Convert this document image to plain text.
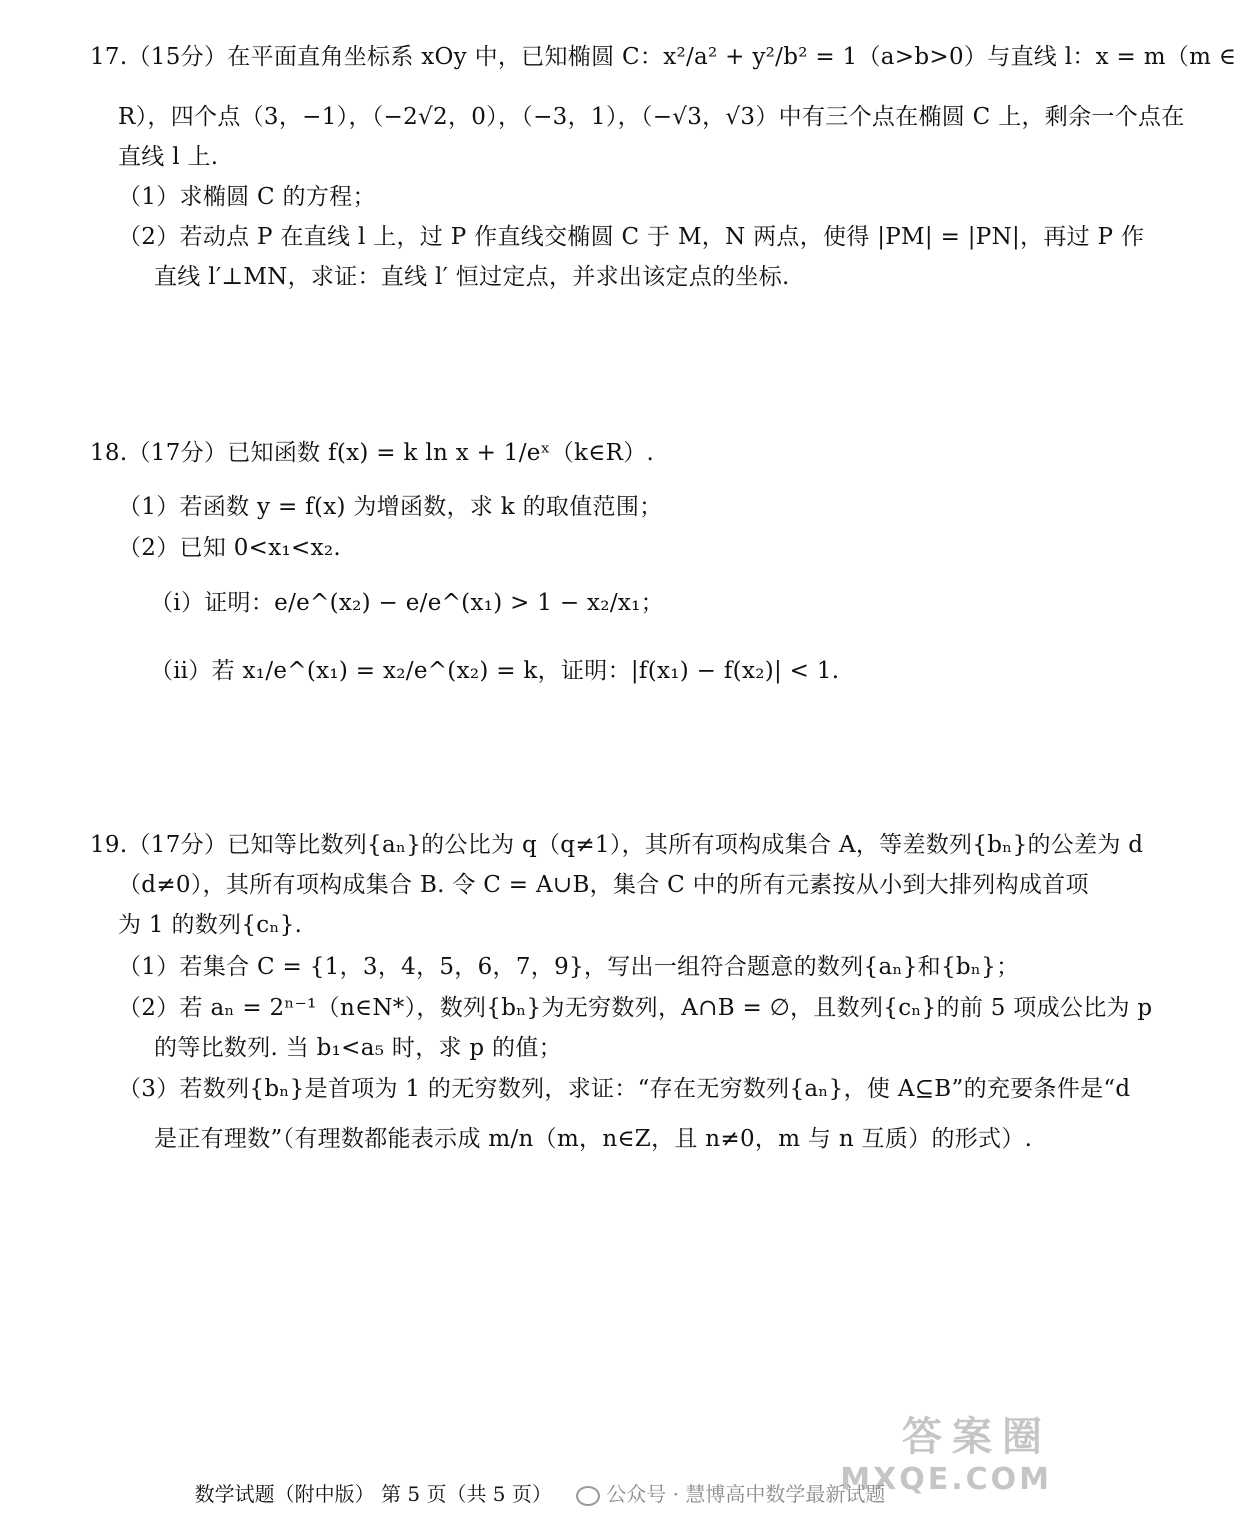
17.（15分）在平面直角坐标系 xOy 中，已知椭圆 C：x²/a² + y²/b² = 1（a>b>0）与直线 l：x = m（m ∈
R），四个点（3，−1），（−2√2，0），（−3，1），（−√3，√3）中有三个点在椭圆 C 上，剩余一个点在
直线 l 上.
（1）求椭圆 C 的方程；
（2）若动点 P 在直线 l 上，过 P 作直线交椭圆 C 于 M，N 两点，使得 |PM| = |PN|，再过 P 作
直线 l′⊥MN，求证：直线 l′ 恒过定点，并求出该定点的坐标.
18.（17分）已知函数 f(x) = k ln x + 1/eˣ（k∈R）.
（1）若函数 y = f(x) 为增函数，求 k 的取值范围；
（2）已知 0<x₁<x₂.
（ⅰ）证明：e/e^(x₂) − e/e^(x₁) > 1 − x₂/x₁；
（ⅱ）若 x₁/e^(x₁) = x₂/e^(x₂) = k，证明：|f(x₁) − f(x₂)| < 1.
19.（17分）已知等比数列{aₙ}的公比为 q（q≠1），其所有项构成集合 A，等差数列{bₙ}的公差为 d
（d≠0），其所有项构成集合 B. 令 C = A∪B，集合 C 中的所有元素按从小到大排列构成首项
为 1 的数列{cₙ}.
（1）若集合 C = {1，3，4，5，6，7，9}，写出一组符合题意的数列{aₙ}和{bₙ}；
（2）若 aₙ = 2ⁿ⁻¹（n∈N*），数列{bₙ}为无穷数列，A∩B = ∅，且数列{cₙ}的前 5 项成公比为 p
的等比数列. 当 b₁<a₅ 时，求 p 的值；
（3）若数列{bₙ}是首项为 1 的无穷数列，求证：“存在无穷数列{aₙ}，使 A⊆B”的充要条件是“d
是正有理数”（有理数都能表示成 m/n（m，n∈Z，且 n≠0，m 与 n 互质）的形式）.
答案圈
MXQE.COM
数学试题（附中版） 第 5 页（共 5 页）	公众号 · 慧博高中数学最新试题
